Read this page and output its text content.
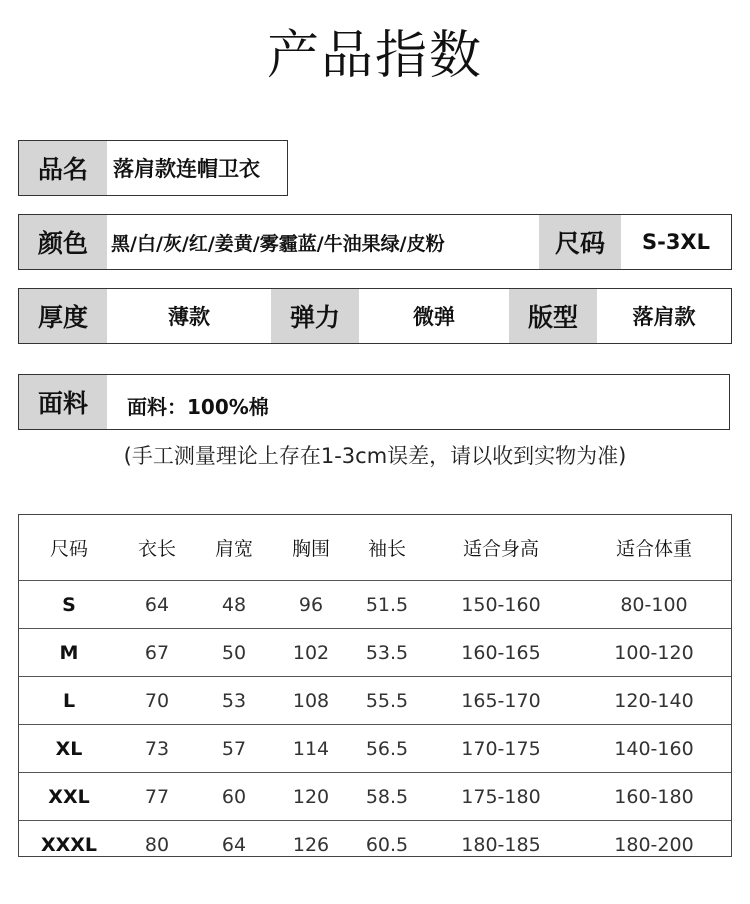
产品指数
品名	落肩款连帽卫衣
颜色	黑/白/灰/红/姜黄/雾霾蓝/牛油果绿/皮粉	尺码	S-3XL
厚度	薄款	弹力	微弹	版型	落肩款
面料	面料：100%棉
(手工测量理论上存在1-3cm误差，请以收到实物为准)
尺码	衣长	肩宽	胸围	袖长	适合身高	适合体重
S	64	48	96	51.5	150-160	80-100
M	67	50	102	53.5	160-165	100-120
L	70	53	108	55.5	165-170	120-140
XL	73	57	114	56.5	170-175	140-160
XXL	77	60	120	58.5	175-180	160-180
XXXL	80	64	126	60.5	180-185	180-200
